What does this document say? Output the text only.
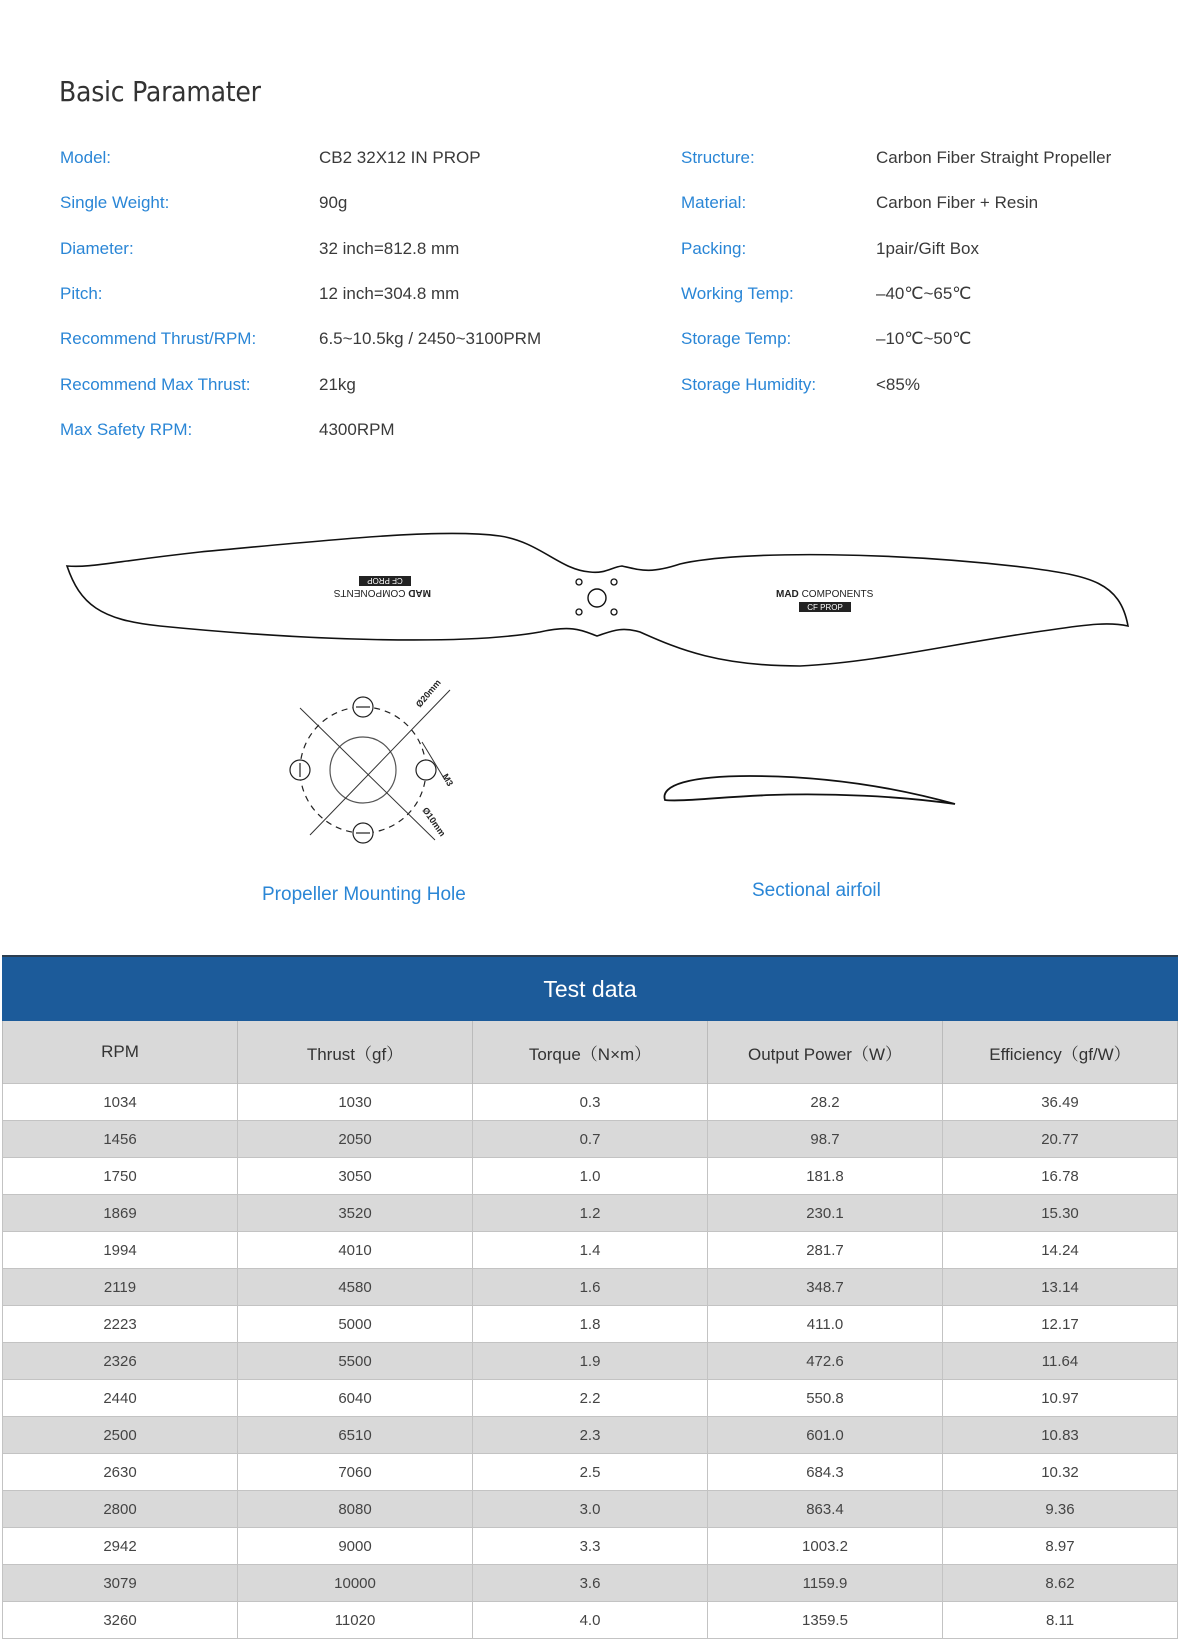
Basic Paramater
Model:	CB2 32X12 IN PROP
Single Weight:	90g
Diameter:	32 inch=812.8 mm
Pitch:	12 inch=304.8 mm
Recommend Thrust/RPM:	6.5~10.5kg / 2450~3100PRM
Recommend Max Thrust:	21kg
Max Safety RPM:	4300RPM
Structure:	Carbon Fiber Straight Propeller
Material:	Carbon Fiber + Resin
Packing:	1pair/Gift Box
Working Temp:	–40℃~65℃
Storage Temp:	–10℃~50℃
Storage Humidity:	<85%
MAD COMPONENTS
CF PROP
MAD COMPONENTS
CF PROP
Ø20mm
Ø10mm
M3
Propeller Mounting Hole	Sectional airfoil
Test data
RPM	Thrust（gf）	Torque（N×m）	Output Power（W）	Efficiency（gf/W）
1034	1030	0.3	28.2	36.49
1456	2050	0.7	98.7	20.77
1750	3050	1.0	181.8	16.78
1869	3520	1.2	230.1	15.30
1994	4010	1.4	281.7	14.24
2119	4580	1.6	348.7	13.14
2223	5000	1.8	411.0	12.17
2326	5500	1.9	472.6	11.64
2440	6040	2.2	550.8	10.97
2500	6510	2.3	601.0	10.83
2630	7060	2.5	684.3	10.32
2800	8080	3.0	863.4	9.36
2942	9000	3.3	1003.2	8.97
3079	10000	3.6	1159.9	8.62
3260	11020	4.0	1359.5	8.11
